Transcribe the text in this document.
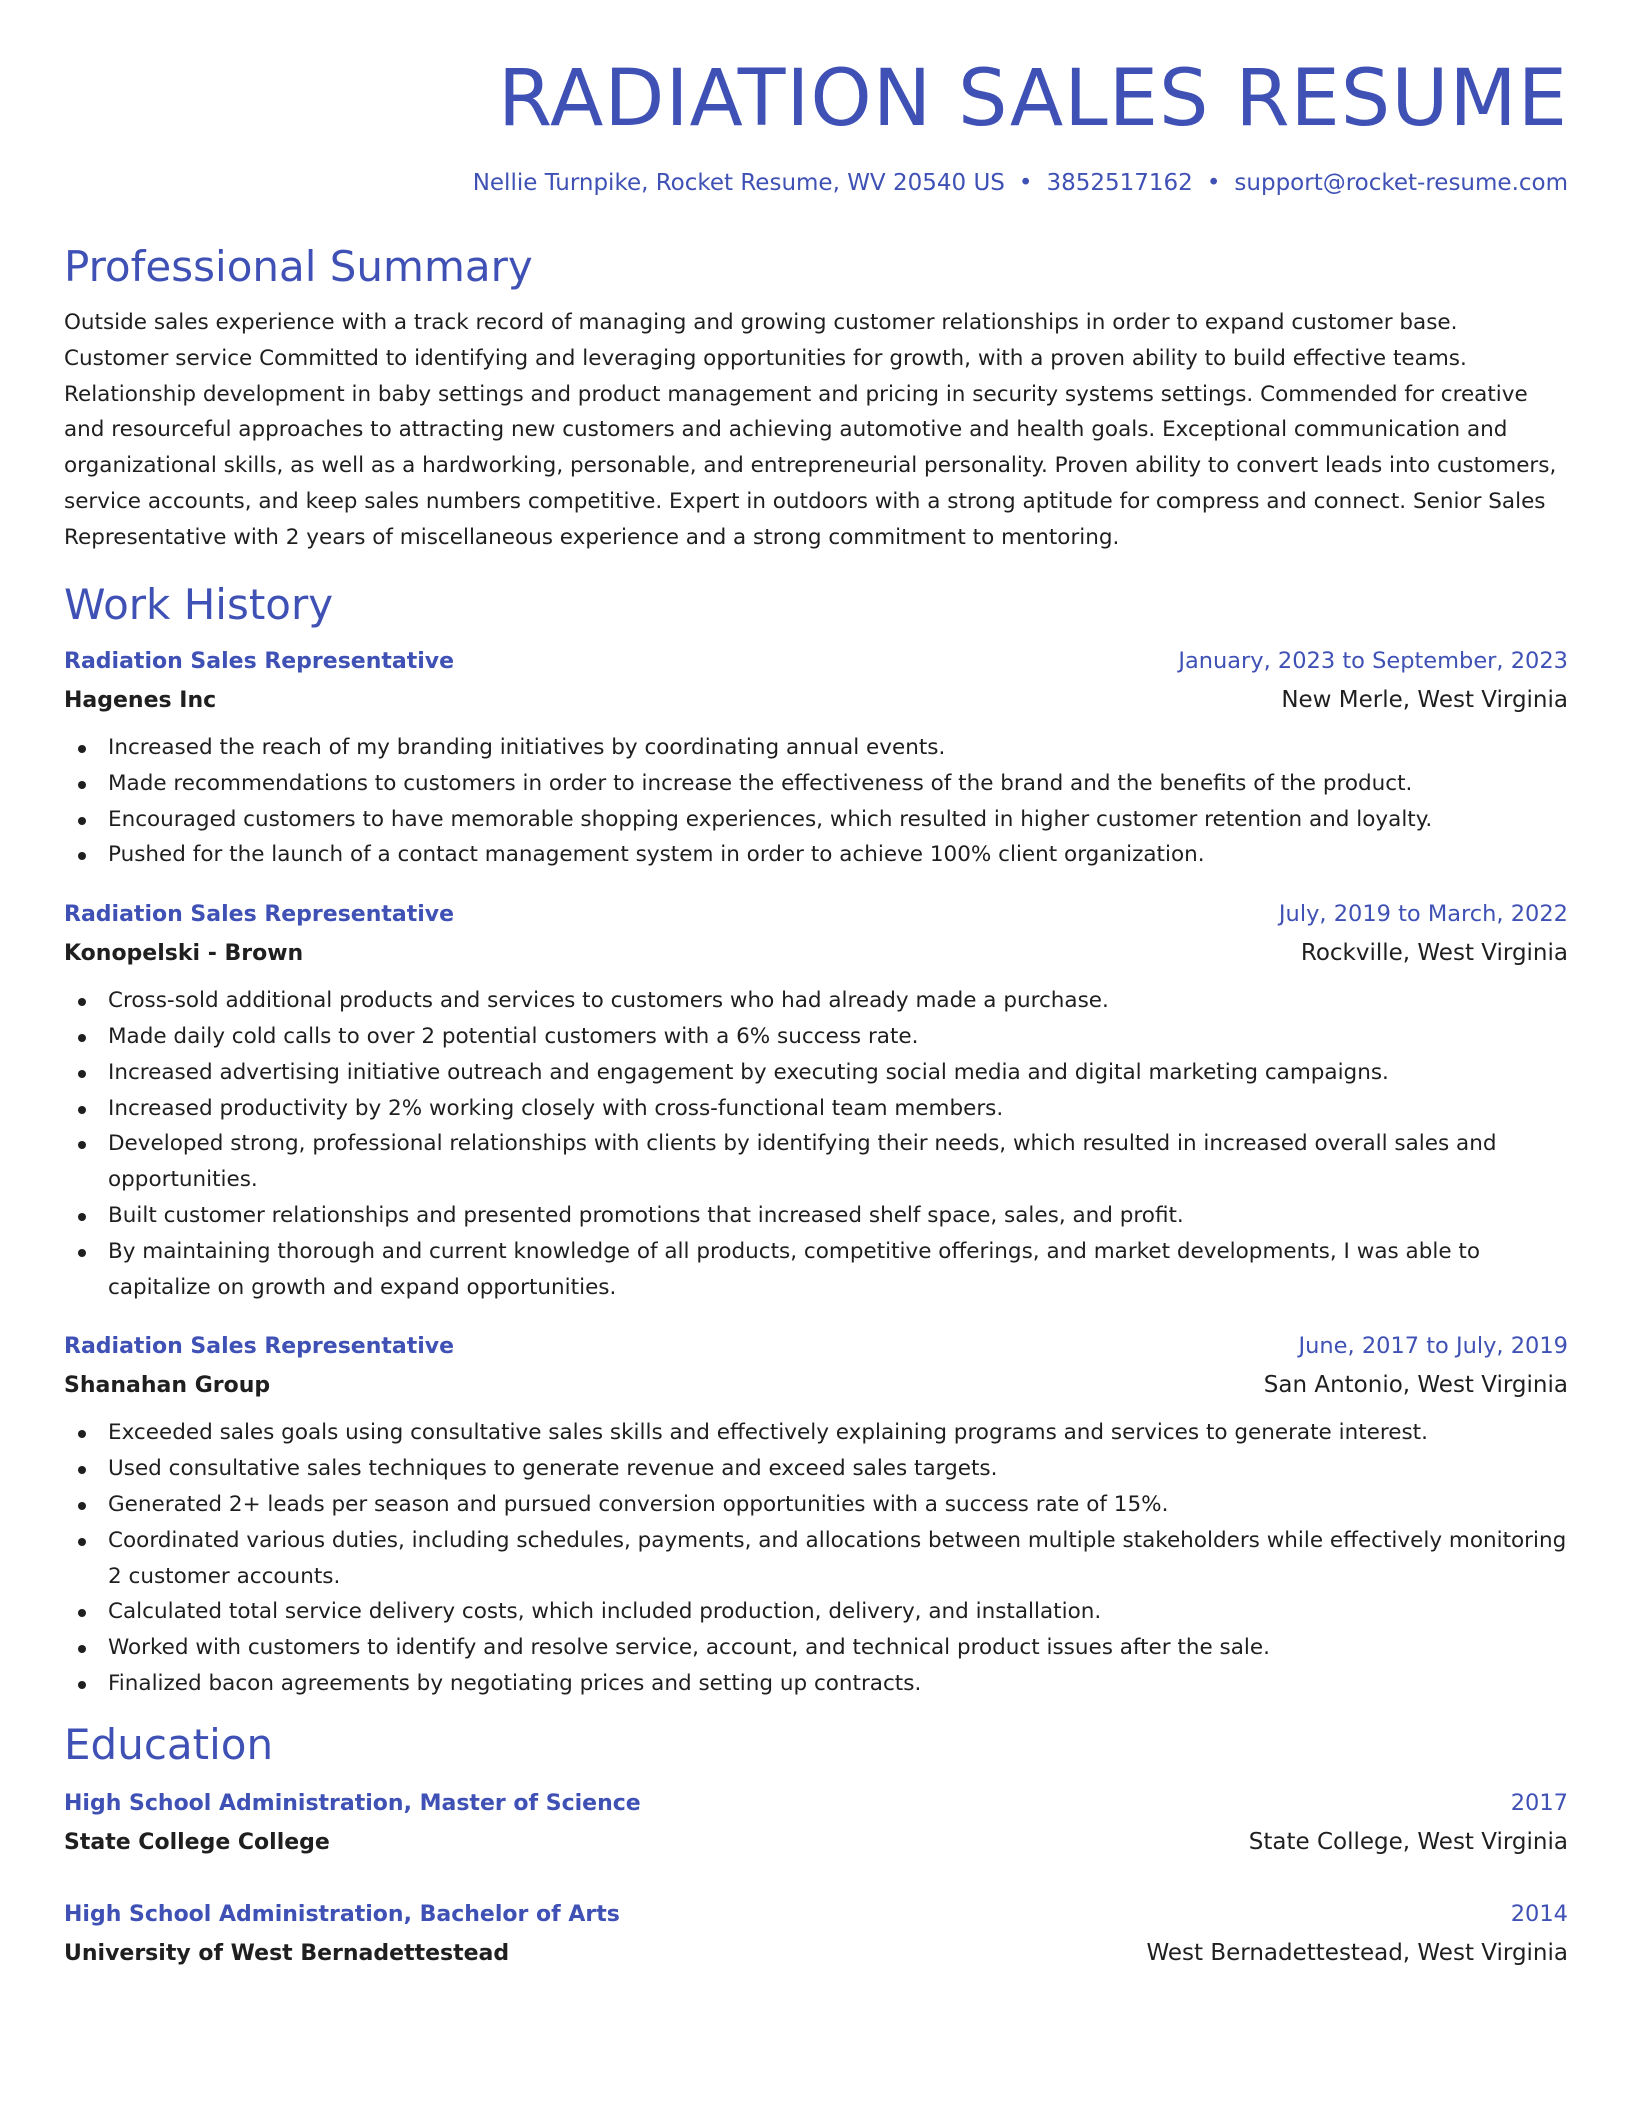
RADIATION SALES RESUME
Nellie Turnpike, Rocket Resume, WV 20540 US • 3852517162 • support@rocket-resume.com
Professional Summary

Outside sales experience with a track record of managing and growing customer relationships in order to expand customer base. Customer service Committed to identifying and leveraging opportunities for growth, with a proven ability to build effective teams. Relationship development in baby settings and product management and pricing in security systems settings. Commended for creative and resourceful approaches to attracting new customers and achieving automotive and health goals. Exceptional communication and organizational skills, as well as a hardworking, personable, and entrepreneurial personality. Proven ability to convert leads into customers, service accounts, and keep sales numbers competitive. Expert in outdoors with a strong aptitude for compress and connect. Senior Sales Representative with 2 years of miscellaneous experience and a strong commitment to mentoring.

Work History
Radiation Sales Representative	January, 2023 to September, 2023
Hagenes Inc	New Merle, West Virginia
Increased the reach of my branding initiatives by coordinating annual events.
Made recommendations to customers in order to increase the effectiveness of the brand and the benefits of the product.
Encouraged customers to have memorable shopping experiences, which resulted in higher customer retention and loyalty.
Pushed for the launch of a contact management system in order to achieve 100% client organization.
Radiation Sales Representative	July, 2019 to March, 2022
Konopelski - Brown	Rockville, West Virginia
Cross-sold additional products and services to customers who had already made a purchase.
Made daily cold calls to over 2 potential customers with a 6% success rate.
Increased advertising initiative outreach and engagement by executing social media and digital marketing campaigns.
Increased productivity by 2% working closely with cross-functional team members.
Developed strong, professional relationships with clients by identifying their needs, which resulted in increased overall sales and opportunities.
Built customer relationships and presented promotions that increased shelf space, sales, and profit.
By maintaining thorough and current knowledge of all products, competitive offerings, and market developments, I was able to capitalize on growth and expand opportunities.
Radiation Sales Representative	June, 2017 to July, 2019
Shanahan Group	San Antonio, West Virginia
Exceeded sales goals using consultative sales skills and effectively explaining programs and services to generate interest.
Used consultative sales techniques to generate revenue and exceed sales targets.
Generated 2+ leads per season and pursued conversion opportunities with a success rate of 15%.
Coordinated various duties, including schedules, payments, and allocations between multiple stakeholders while effectively monitoring 2 customer accounts.
Calculated total service delivery costs, which included production, delivery, and installation.
Worked with customers to identify and resolve service, account, and technical product issues after the sale.
Finalized bacon agreements by negotiating prices and setting up contracts.
Education
High School Administration, Master of Science	2017
State College College	State College, West Virginia
High School Administration, Bachelor of Arts	2014
University of West Bernadettestead	West Bernadettestead, West Virginia
